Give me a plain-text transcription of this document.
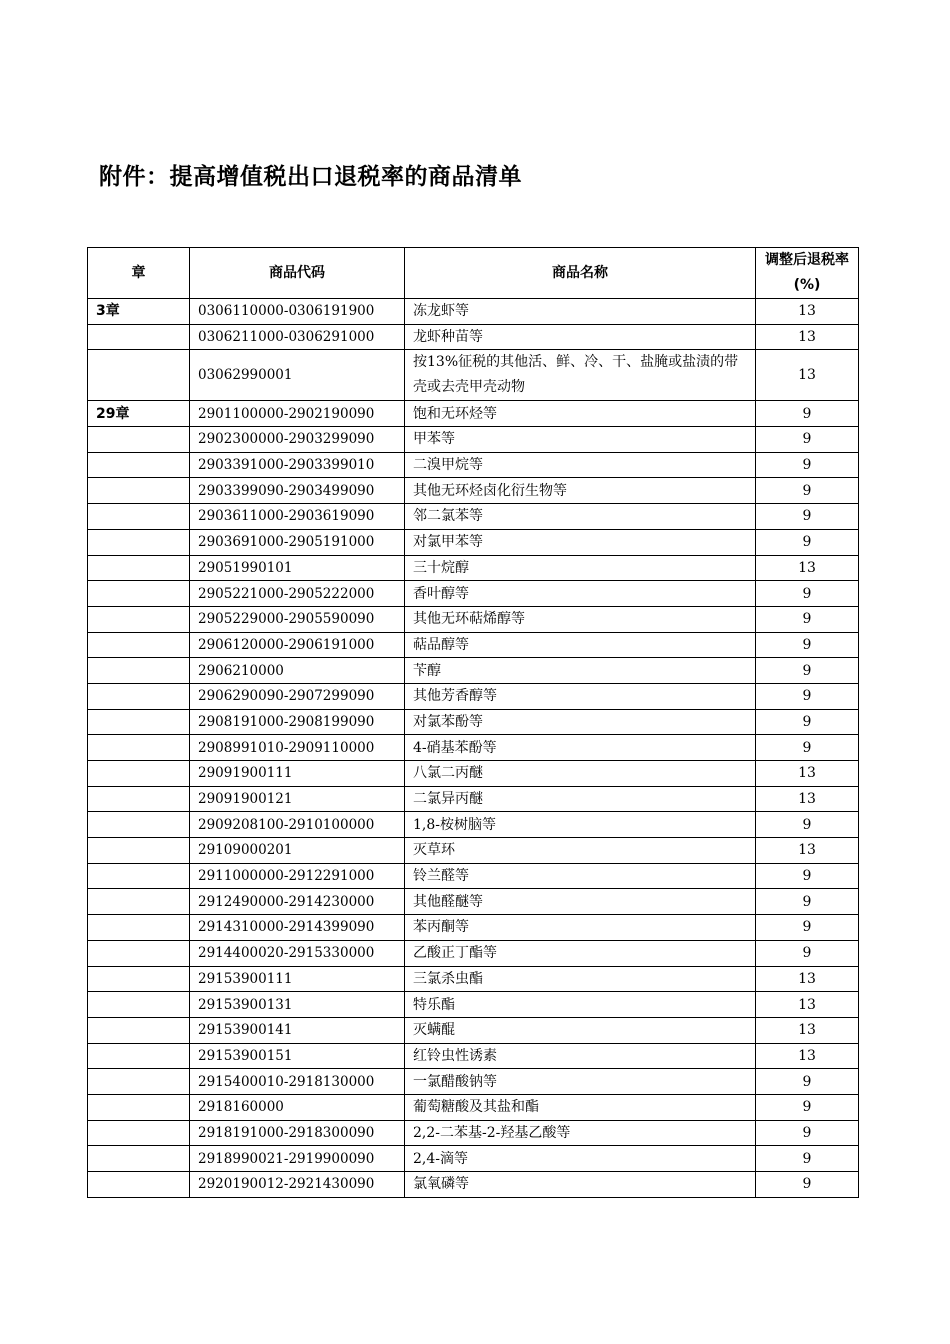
附件：提高增值税出口退税率的商品清单
章	商品代码	商品名称	调整后退税率(%)
3章	0306110000-0306191900	冻龙虾等	13
	0306211000-0306291000	龙虾种苗等	13
	03062990001	按13%征税的其他活、鲜、冷、干、盐腌或盐渍的带壳或去壳甲壳动物	13
29章	2901100000-2902190090	饱和无环烃等	9
	2902300000-2903299090	甲苯等	9
	2903391000-2903399010	二溴甲烷等	9
	2903399090-2903499090	其他无环烃卤化衍生物等	9
	2903611000-2903619090	邻二氯苯等	9
	2903691000-2905191000	对氯甲苯等	9
	29051990101	三十烷醇	13
	2905221000-2905222000	香叶醇等	9
	2905229000-2905590090	其他无环萜烯醇等	9
	2906120000-2906191000	萜品醇等	9
	2906210000	苄醇	9
	2906290090-2907299090	其他芳香醇等	9
	2908191000-2908199090	对氯苯酚等	9
	2908991010-2909110000	4-硝基苯酚等	9
	29091900111	八氯二丙醚	13
	29091900121	二氯异丙醚	13
	2909208100-2910100000	1,8-桉树脑等	9
	29109000201	灭草环	13
	2911000000-2912291000	铃兰醛等	9
	2912490000-2914230000	其他醛醚等	9
	2914310000-2914399090	苯丙酮等	9
	2914400020-2915330000	乙酸正丁酯等	9
	29153900111	三氯杀虫酯	13
	29153900131	特乐酯	13
	29153900141	灭螨醌	13
	29153900151	红铃虫性诱素	13
	2915400010-2918130000	一氯醋酸钠等	9
	2918160000	葡萄糖酸及其盐和酯	9
	2918191000-2918300090	2,2-二苯基-2-羟基乙酸等	9
	2918990021-2919900090	2,4-滴等	9
	2920190012-2921430090	氯氧磷等	9
